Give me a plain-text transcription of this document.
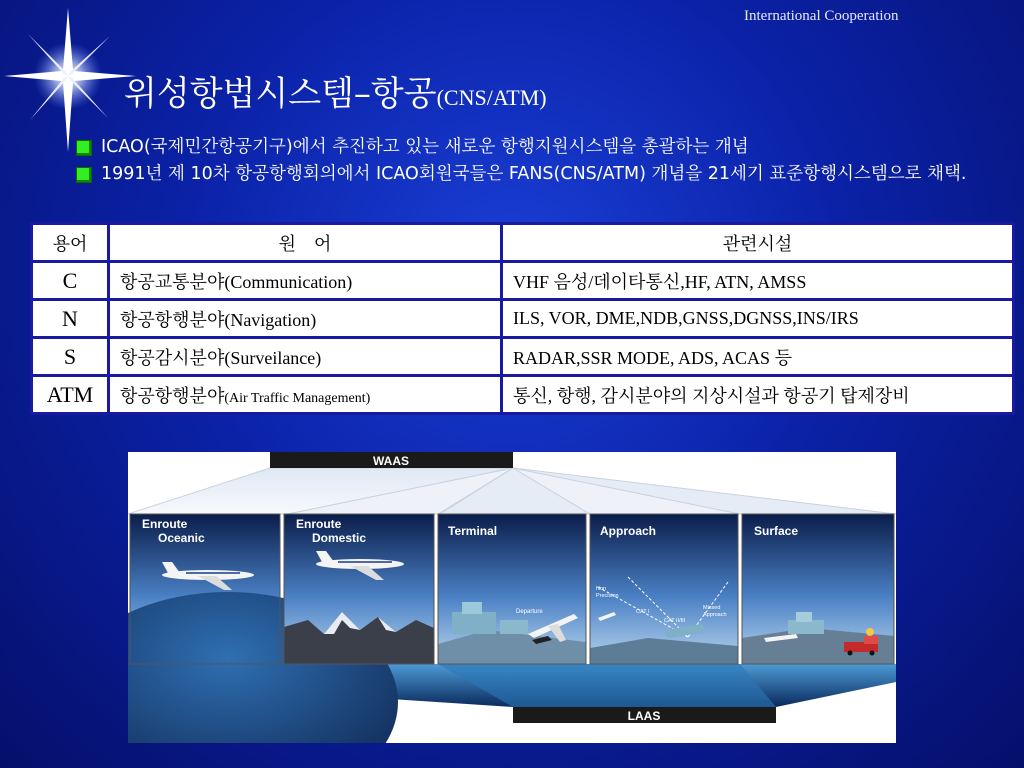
International Cooperation
위성항법시스템–항공(CNS/ATM)
ICAO(국제민간항공기구)에서 추진하고 있는 새로운 항행지원시스템을 총괄하는 개념
1991년 제 10차 항공항행회의에서 ICAO회원국들은 FANS(CNS/ATM) 개념을 21세기 표준항행시스템으로 채택.
용어	원　어	관련시설
C	항공교통분야(Communication)	VHF 음성/데이타통신,HF, ATN, AMSS
N	항공항행분야(Navigation)	ILS, VOR, DME,NDB,GNSS,DGNSS,INS/IRS
S	항공감시분야(Surveilance)	RADAR,SSR MODE, ADS, ACAS 등
ATM	항공항행분야(Air Traffic Management)	통신, 항행, 감시분야의 지상시설과 항공기 탑제장비
WAAS
LAAS
Enroute
Oceanic
Enroute
Domestic	Terminal	Approach	Surface
Departure
Non
Precision
CAT I
CAT II/III
Missed
Approach
